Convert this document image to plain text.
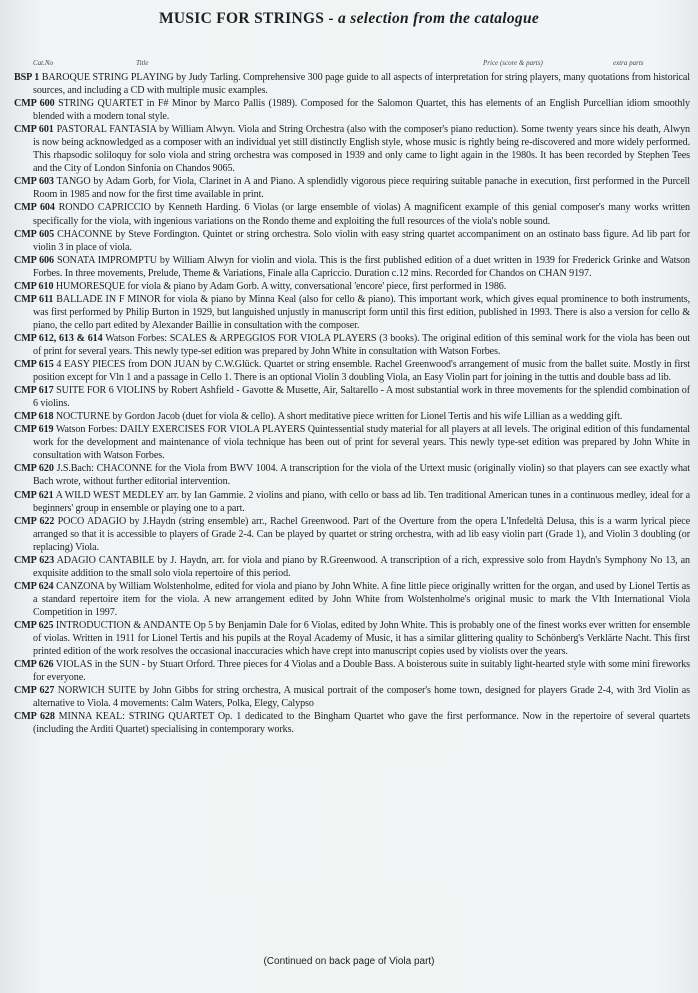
MUSIC FOR STRINGS - a selection from the catalogue
Cat.No	Title	Price (score & parts)	extra parts

BSP 1 BAROQUE STRING PLAYING by Judy Tarling. Comprehensive 300 page guide to all aspects of interpretation for string players, many quotations from historical sources, and including a CD with multiple music examples.

CMP 600 STRING QUARTET in F# Minor by Marco Pallis (1989). Composed for the Salomon Quartet, this has elements of an English Purcellian idiom smoothly blended with a modern tonal style.

CMP 601 PASTORAL FANTASIA by William Alwyn. Viola and String Orchestra (also with the composer's piano reduction). Some twenty years since his death, Alwyn is now being acknowledged as a composer with an individual yet still distinctly English style, whose music is rightly being re-discovered and more widely performed. This rhapsodic soliloquy for solo viola and string orchestra was composed in 1939 and only came to light again in the 1980s. It has been recorded by Stephen Tees and the City of London Sinfonia on Chandos 9065.

CMP 603 TANGO by Adam Gorb, for Viola, Clarinet in A and Piano. A splendidly vigorous piece requiring suitable panache in execution, first performed in the Purcell Room in 1985 and now for the first time available in print.

CMP 604 RONDO CAPRICCIO by Kenneth Harding. 6 Violas (or large ensemble of violas) A magnificent example of this genial composer's many works written specifically for the viola, with ingenious variations on the Rondo theme and exploiting the full resources of the viola's noble sound.

CMP 605 CHACONNE by Steve Fordington. Quintet or string orchestra. Solo violin with easy string quartet accompaniment on an ostinato bass figure. Ad lib part for violin 3 in place of viola.

CMP 606 SONATA IMPROMPTU by William Alwyn for violin and viola. This is the first published edition of a duet written in 1939 for Frederick Grinke and Watson Forbes. In three movements, Prelude, Theme & Variations, Finale alla Capriccio. Duration c.12 mins. Recorded for Chandos on CHAN 9197.

CMP 610 HUMORESQUE for viola & piano by Adam Gorb. A witty, conversational 'encore' piece, first performed in 1986.

CMP 611 BALLADE IN F MINOR for viola & piano by Minna Keal (also for cello & piano). This important work, which gives equal prominence to both instruments, was first performed by Philip Burton in 1929, but languished unjustly in manuscript form until this first edition, published in 1993. There is also a version for cello & piano, the cello part edited by Alexander Baillie in consultation with the composer.

CMP 612, 613 & 614 Watson Forbes: SCALES & ARPEGGIOS FOR VIOLA PLAYERS (3 books). The original edition of this seminal work for the viola has been out of print for several years. This newly type-set edition was prepared by John White in consultation with Watson Forbes.

CMP 615 4 EASY PIECES from DON JUAN by C.W.Glück. Quartet or string ensemble. Rachel Greenwood's arrangement of music from the ballet suite. Mostly in first position except for Vln 1 and a passage in Cello 1. There is an optional Violin 3 doubling Viola, an Easy Violin part for joining in the tuttis and double bass ad lib.

CMP 617 SUITE FOR 6 VIOLINS by Robert Ashfield - Gavotte & Musette, Air, Saltarello - A most substantial work in three movements for the splendid combination of 6 violins.

CMP 618 NOCTURNE by Gordon Jacob (duet for viola & cello). A short meditative piece written for Lionel Tertis and his wife Lillian as a wedding gift.

CMP 619 Watson Forbes: DAILY EXERCISES FOR VIOLA PLAYERS Quintessential study material for all players at all levels. The original edition of this fundamental work for the development and maintenance of viola technique has been out of print for several years. This newly type-set edition was prepared by John White in consultation with Watson Forbes.

CMP 620 J.S.Bach: CHACONNE for the Viola from BWV 1004. A transcription for the viola of the Urtext music (originally violin) so that players can see exactly what Bach wrote, without further editorial intervention.

CMP 621 A WILD WEST MEDLEY arr. by Ian Gammie. 2 violins and piano, with cello or bass ad lib. Ten traditional American tunes in a continuous medley, ideal for a beginners' group in ensemble or playing one to a part.

CMP 622 POCO ADAGIO by J.Haydn (string ensemble) arr., Rachel Greenwood. Part of the Overture from the opera L'Infedeltà Delusa, this is a warm lyrical piece arranged so that it is accessible to players of Grade 2-4. Can be played by quartet or string orchestra, with ad lib easy violin part (Grade 1), and Violin 3 doubling (or replacing) Viola.

CMP 623 ADAGIO CANTABILE by J. Haydn, arr. for viola and piano by R.Greenwood. A transcription of a rich, expressive solo from Haydn's Symphony No 13, an exquisite addition to the small solo viola repertoire of this period.

CMP 624 CANZONA by William Wolstenholme, edited for viola and piano by John White. A fine little piece originally written for the organ, and used by Lionel Tertis as a standard repertoire item for the viola. A new arrangement edited by John White from Wolstenholme's original music to mark the VIth International Viola Competition in 1997.

CMP 625 INTRODUCTION & ANDANTE Op 5 by Benjamin Dale for 6 Violas, edited by John White. This is probably one of the finest works ever written for ensemble of violas. Written in 1911 for Lionel Tertis and his pupils at the Royal Academy of Music, it has a similar glittering quality to Schönberg's Verklärte Nacht. This first printed edition of the work resolves the occasional inaccuracies which have crept into manuscript copies used by violists over the years.

CMP 626 VIOLAS in the SUN - by Stuart Orford. Three pieces for 4 Violas and a Double Bass. A boisterous suite in suitably light-hearted style with some mini fireworks for everyone.

CMP 627 NORWICH SUITE by John Gibbs for string orchestra, A musical portrait of the composer's home town, designed for players Grade 2-4, with 3rd Violin as alternative to Viola. 4 movements: Calm Waters, Polka, Elegy, Calypso

CMP 628 MINNA KEAL: STRING QUARTET Op. 1 dedicated to the Bingham Quartet who gave the first performance. Now in the repertoire of several quartets (including the Arditi Quartet) specialising in contemporary works.

(Continued on back page of Viola part)
